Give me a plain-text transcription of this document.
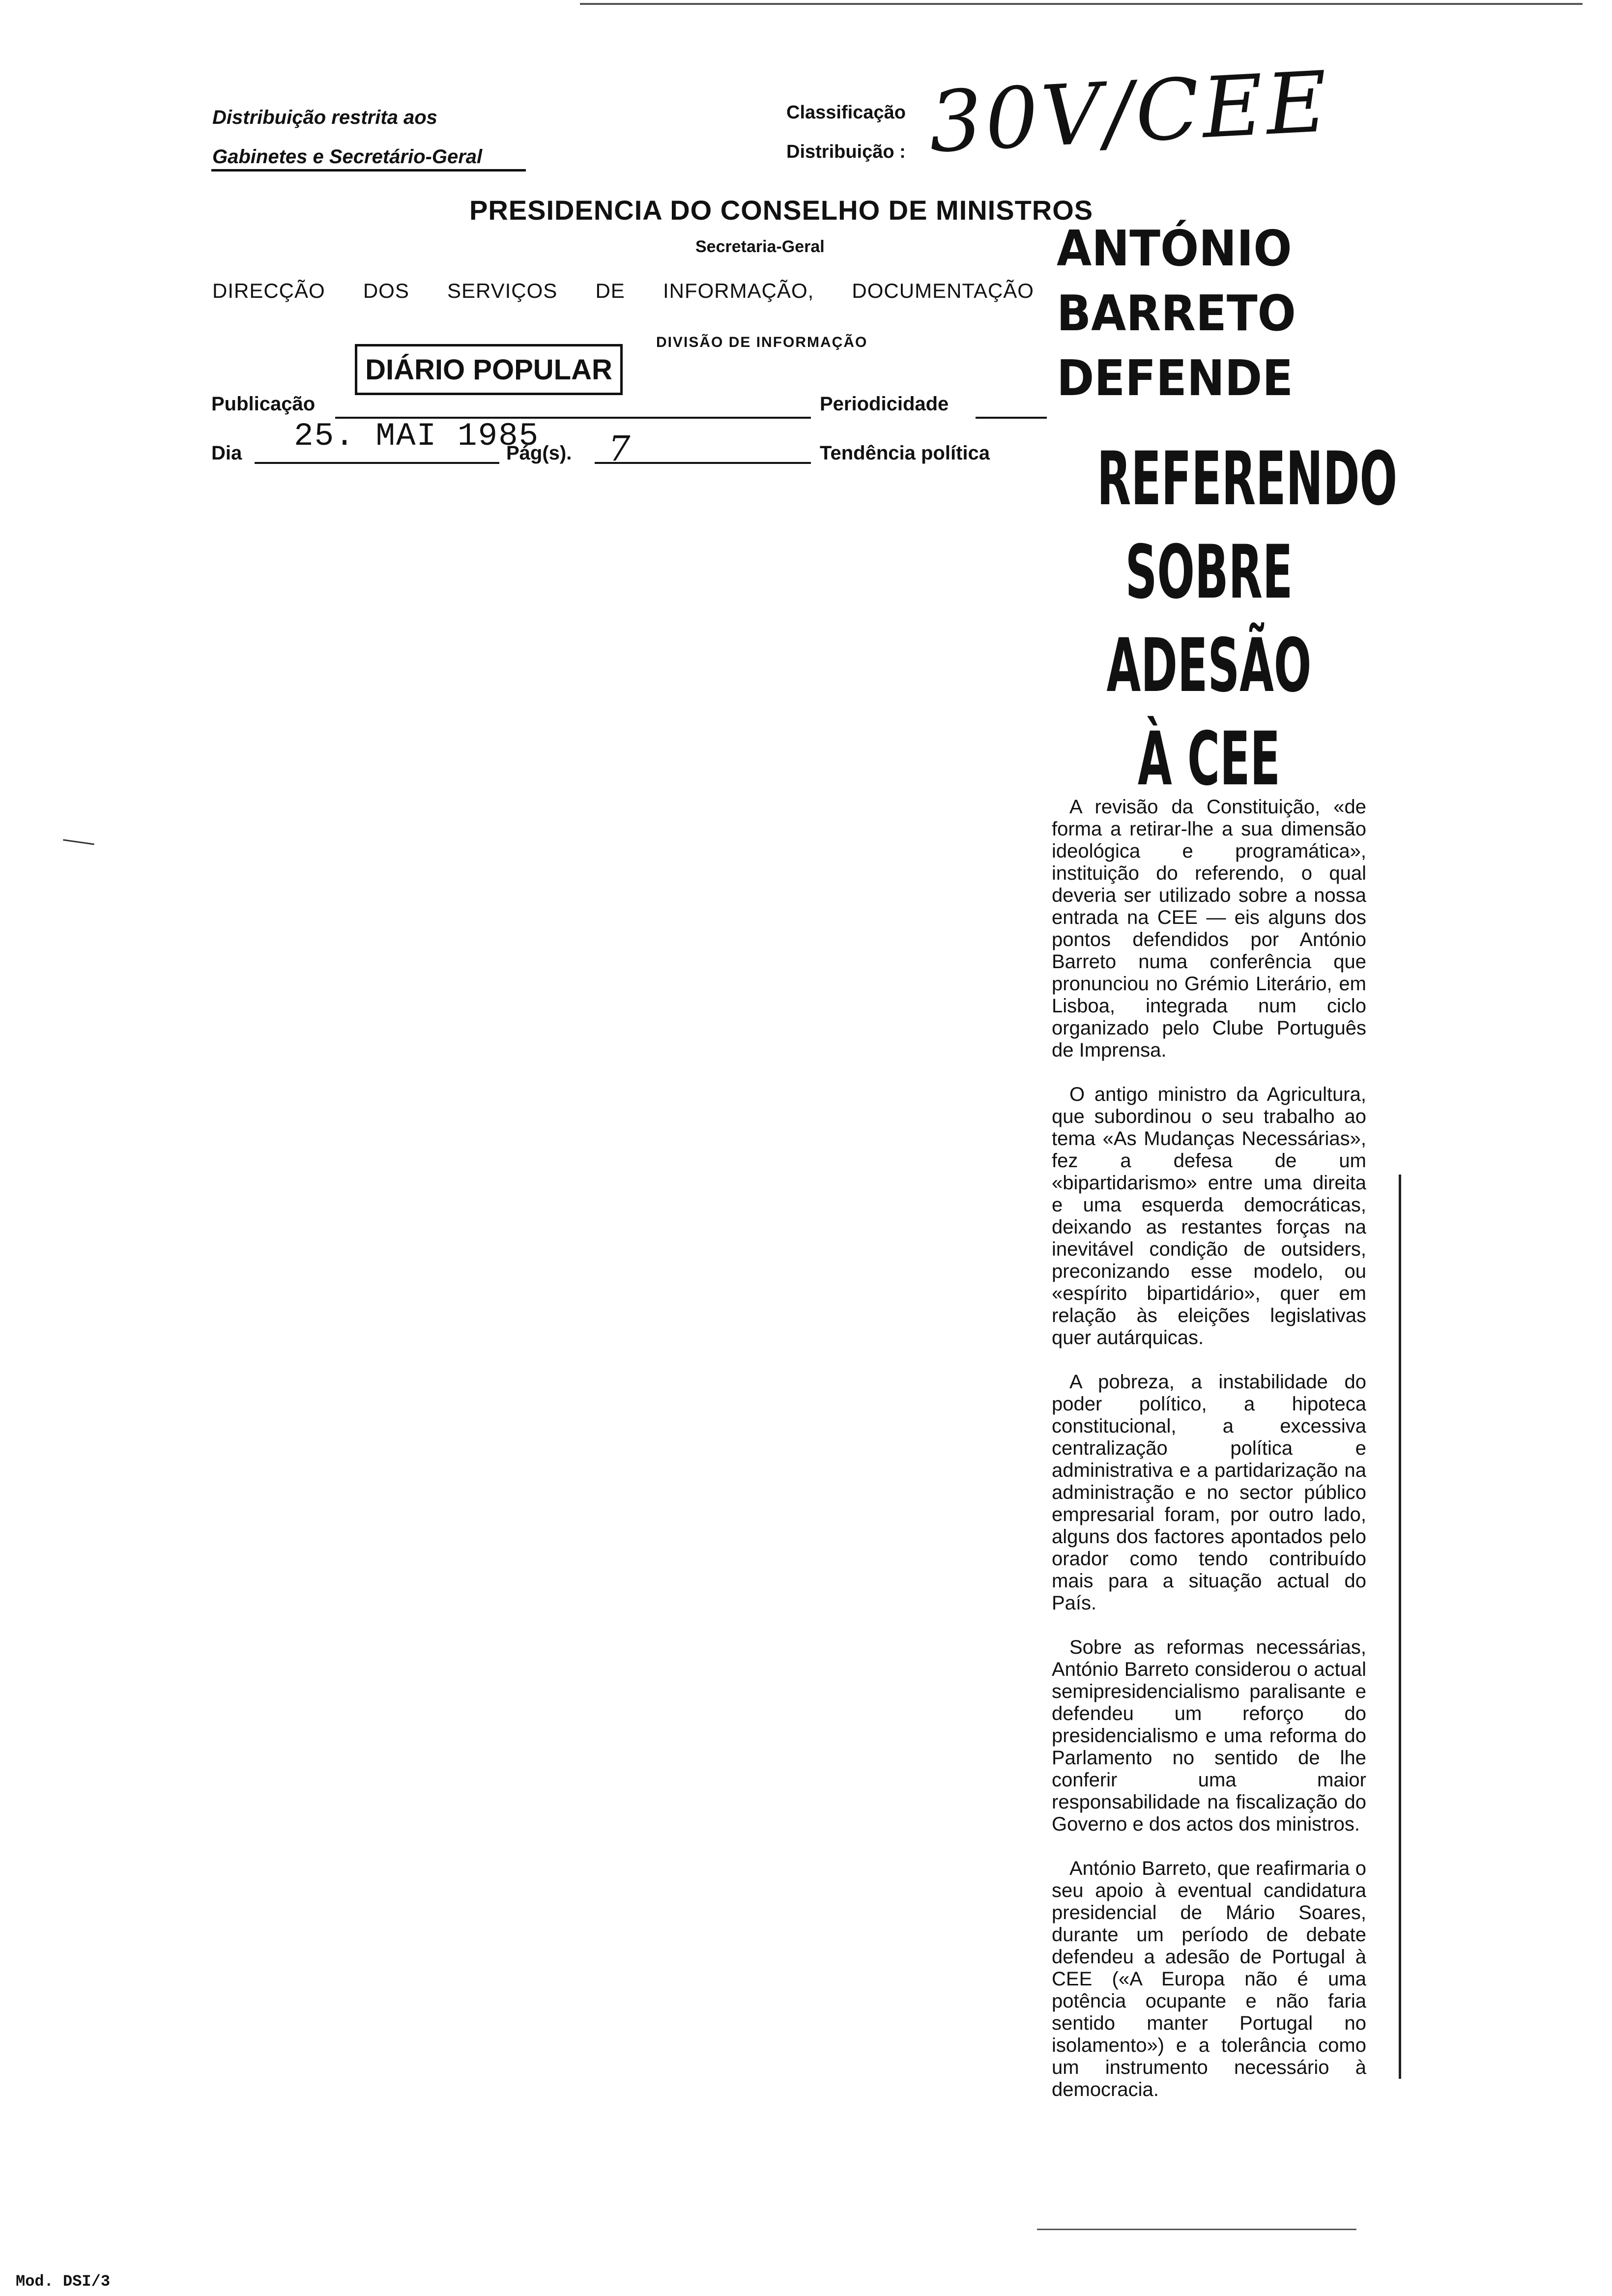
Distribuição restrita aos
Gabinetes e Secretário-Geral
Classificação
Distribuição : 30V/CEE
PRESIDENCIA DO CONSELHO DE MINISTROS
Secretaria-Geral
DIRECÇÃO DOS SERVIÇOS DE INFORMAÇÃO, DOCUMENTAÇÃO
DIVISÃO DE INFORMAÇÃO
DIÁRIO POPULAR
Publicação	Periodicidade
Dia 25. MAI 1985
Pág(s). 7	Tendência política
ANTÓNIO
BARRETO
DEFENDE
REFERENDO
SOBRE
ADESÃO
À CEE

A revisão da Constituição, «de forma a retirar-lhe a sua dimensão ideológica e programática», instituição do referendo, o qual deveria ser utilizado sobre a nossa entrada na CEE — eis alguns dos pontos defendidos por António Barreto numa conferência que pronunciou no Grémio Literário, em Lisboa, integrada num ciclo organizado pelo Clube Português de Imprensa.

O antigo ministro da Agricultura, que subordinou o seu trabalho ao tema «As Mudanças Necessárias», fez a defesa de um «bipartidarismo» entre uma direita e uma esquerda democráticas, deixando as restantes forças na inevitável condição de outsiders, preconizando esse modelo, ou «espírito bipartidário», quer em relação às eleições legislativas quer autárquicas.

A pobreza, a instabilidade do poder político, a hipoteca constitucional, a excessiva centralização política e administrativa e a partidarização na administração e no sector público empresarial foram, por outro lado, alguns dos factores apontados pelo orador como tendo contribuído mais para a situação actual do País.

Sobre as reformas necessárias, António Barreto considerou o actual semipresidencialismo paralisante e defendeu um reforço do presidencialismo e uma reforma do Parlamento no sentido de lhe conferir uma maior responsabilidade na fiscalização do Governo e dos actos dos ministros.

António Barreto, que reafirmaria o seu apoio à eventual candidatura presidencial de Mário Soares, durante um período de debate defendeu a adesão de Portugal à CEE («A Europa não é uma potência ocupante e não faria sentido manter Portugal no isolamento») e a tolerância como um instrumento necessário à democracia.

Mod. DSI/3
